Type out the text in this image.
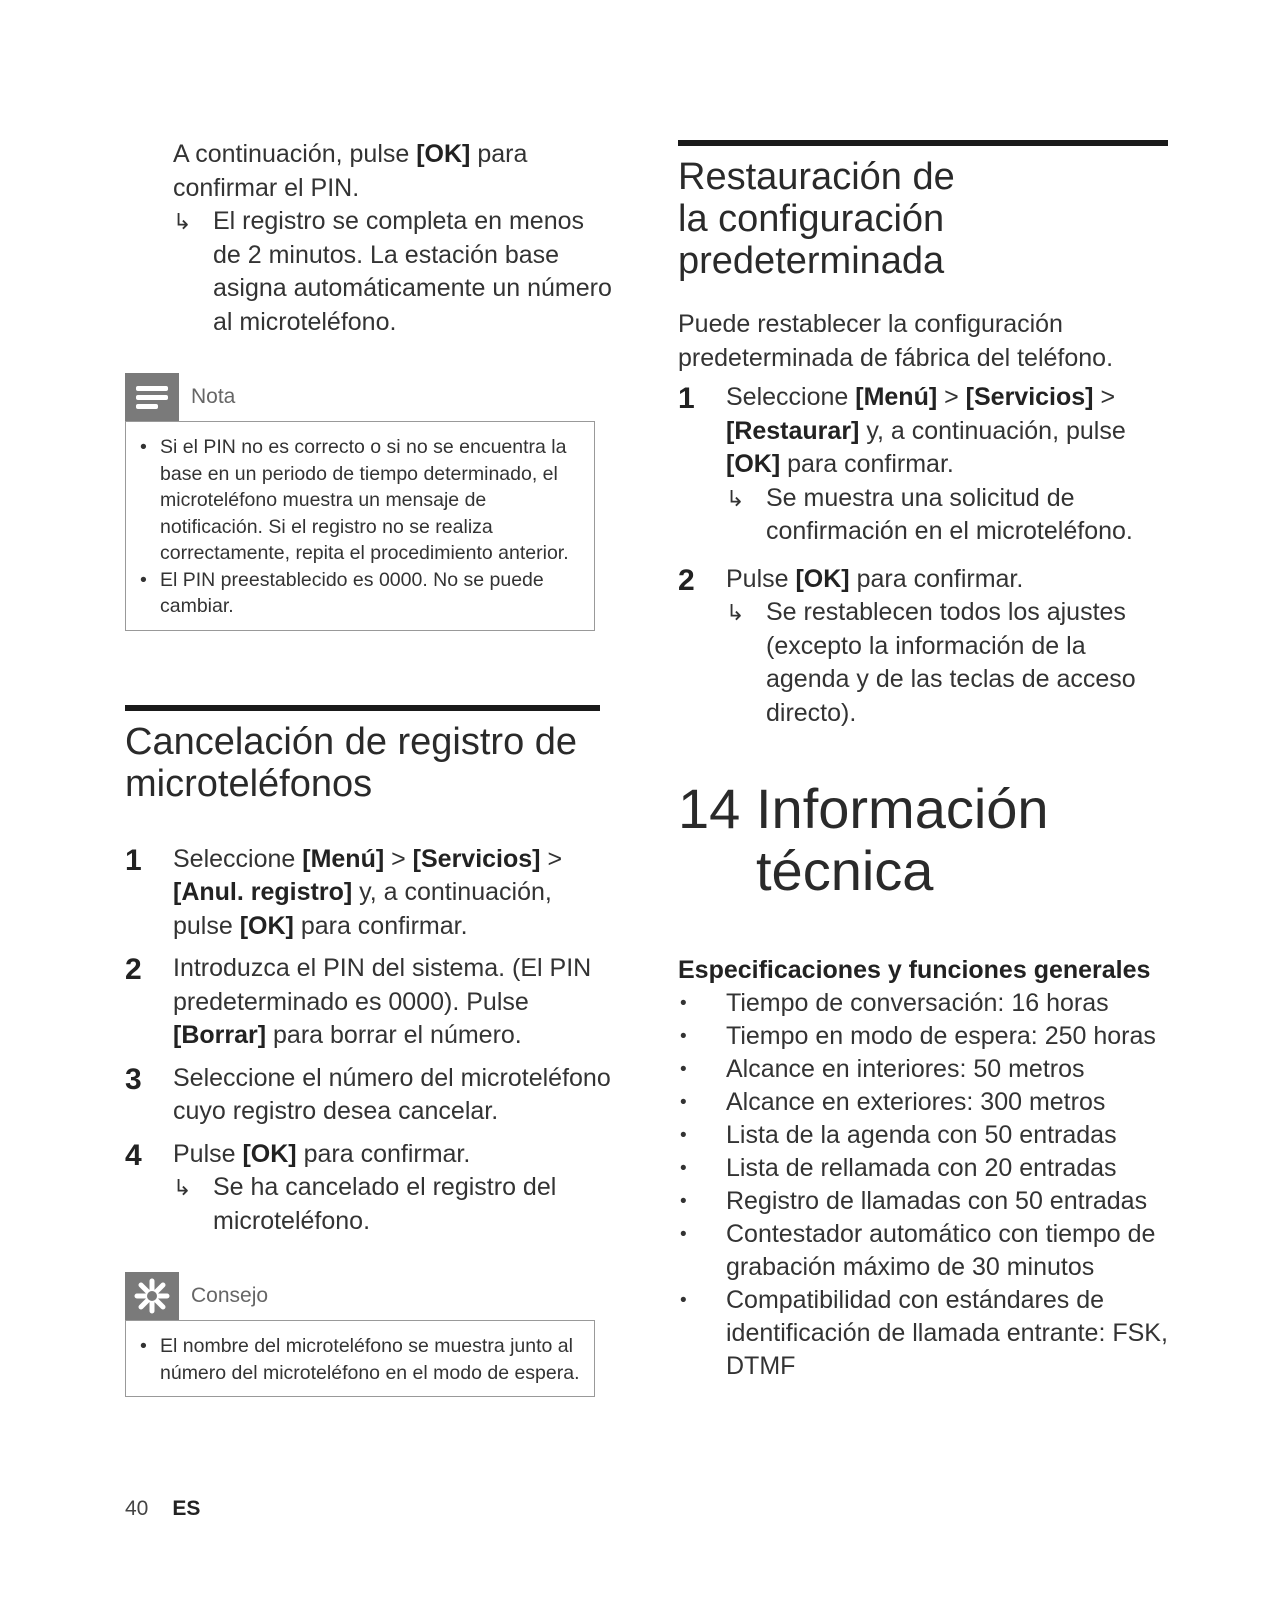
A continuación, pulse [OK] para confirmar el PIN.
↳ El registro se completa en menos de 2 minutos. La estación base asigna automáticamente un número al microteléfono.
Nota
• Si el PIN no es correcto o si no se encuentra la base en un periodo de tiempo determinado, el microteléfono muestra un mensaje de notificación. Si el registro no se realiza correctamente, repita el procedimiento anterior.
• El PIN preestablecido es 0000. No se puede cambiar.
Cancelación de registro de microteléfonos
1 Seleccione [Menú] > [Servicios] > [Anul. registro] y, a continuación, pulse [OK] para confirmar.
2 Introduzca el PIN del sistema. (El PIN predeterminado es 0000). Pulse [Borrar] para borrar el número.
3 Seleccione el número del microteléfono cuyo registro desea cancelar.
4 Pulse [OK] para confirmar.
↳ Se ha cancelado el registro del microteléfono.
Consejo
• El nombre del microteléfono se muestra junto al número del microteléfono en el modo de espera.
Restauración de la configuración predeterminada
Puede restablecer la configuración predeterminada de fábrica del teléfono.
1 Seleccione [Menú] > [Servicios] > [Restaurar] y, a continuación, pulse [OK] para confirmar.
↳ Se muestra una solicitud de confirmación en el microteléfono.
2 Pulse [OK] para confirmar.
↳ Se restablecen todos los ajustes (excepto la información de la agenda y de las teclas de acceso directo).
14 Información técnica
Especificaciones y funciones generales
• Tiempo de conversación: 16 horas
• Tiempo en modo de espera: 250 horas
• Alcance en interiores: 50 metros
• Alcance en exteriores: 300 metros
• Lista de la agenda con 50 entradas
• Lista de rellamada con 20 entradas
• Registro de llamadas con 50 entradas
• Contestador automático con tiempo de grabación máximo de 30 minutos
• Compatibilidad con estándares de identificación de llamada entrante: FSK, DTMF
40 ES
